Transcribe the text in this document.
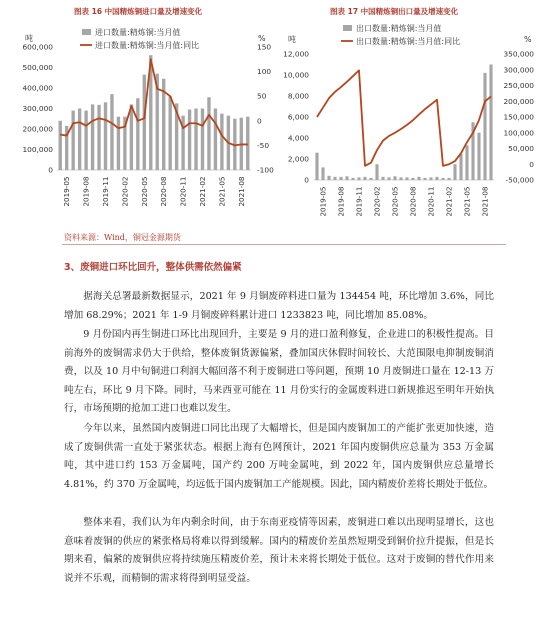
图表 16 中国精炼铜进口量及增速变化	图表 17 中国精炼铜出口量及增速变化
吨	%
600,000
500,000
400,000
300,000
200,000
100,000
0
150
100
50
0
-50
-100
2019-05 2019-08 2019-11 2020-02 2020-05 2020-08 2020-11 2021-02 2021-05 2021-08
进口数量:精炼铜:当月值
进口数量:精炼铜:当月值:同比
吨	%
12,000
10,000
8,000
6,000
4,000
2,000
0
350,000
300,000
250,000
200,000
150,000
100,000
50,000
0
-50,000
2019-05 2019-08 2019-11 2020-02 2020-05 2020-08 2020-11 2021-02 2021-05 2021-08
出口数量:精炼铜:当月值
出口数量:精炼铜:当月值:同比
资料来源：Wind，铜冠金源期货
3、废铜进口环比回升，整体供需依然偏紧

据海关总署最新数据显示，2021 年 9 月铜废碎料进口量为 134454 吨，环比增加 3.6%，同比增加 68.29%；2021 年 1-9 月铜废碎料累计进口 1233823 吨，同比增加 85.08%。

9 月份国内再生铜进口环比出现回升，主要是 9 月的进口盈利修复，企业进口的积极性提高。目前海外的废铜需求仍大于供给，整体废铜货源偏紧，叠加国庆休假时间较长、大范围限电抑制废铜消费，以及 10 月中旬铜进口利润大幅回落不利于废铜进口等问题，预期 10 月废铜进口量在 12-13 万吨左右，环比 9 月下降。同时，马来西亚可能在 11 月份实行的金属废料进口新规推迟至明年开始执行，市场预期的抢加工进口也难以发生。

今年以来，虽然国内废铜进口同比出现了大幅增长，但是国内废铜加工的产能扩张更加快速，造成了废铜供需一直处于紧张状态。根据上海有色网预计，2021 年国内废铜供应总量为 353 万金属吨，其中进口约 153 万金属吨，国产约 200 万吨金属吨，到 2022 年，国内废铜供应总量增长 4.81%，约 370 万金属吨，均远低于国内废铜加工产能规模。因此，国内精废价差将长期处于低位。

整体来看，我们认为年内剩余时间，由于东南亚疫情等因素，废铜进口难以出现明显增长，这也意味着废铜的供应的紧张格局将难以得到缓解。国内的精废价差虽然短期受到铜价拉升提振，但是长期来看，偏紧的废铜供应将持续施压精废价差，预计未来将长期处于低位。这对于废铜的替代作用来说并不乐观，而精铜的需求将得到明显受益。
